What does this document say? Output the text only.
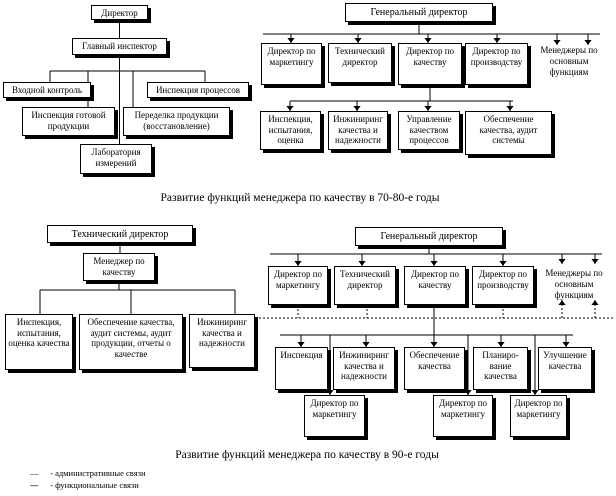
Директор
Главный инспектор
Входной контроль
Инспекция готовой продукции
Переделка продукции (восстановление)
Инспекция процессов
Лаборатория измерений
Генеральный директор
Директор по маркетингу
Технический директор
Директор по качеству
Директор по производству
Менеджеры по основным функциям
Инспекция, испытания, оценка
Инжиниринг качества и надежности
Управление качеством процессов
Обеспечение качества, аудит системы
Развитие функций менеджера по качеству в 70-80-е годы
Технический директор
Менеджер по качеству
Инспекция, испытания, оценка качества
Обеспечение качества, аудит системы, аудит продукции, отчеты о качестве
Инжиниринг качества и надежности
Генеральный директор
Директор по маркетингу
Технический директор
Директор по качеству
Директор по производству
Менеджеры по основным функциям
Инспекция	Инжиниринг качества и надежности
Обеспечение качества
Планиро-вание качества
Улучшение качества
Директор по маркетингу
Директор по маркетингу
Директор по маркетингу
Развитие функций менеджера по качеству в 90-е годы
— - административные связи
---- - функциональные связи
